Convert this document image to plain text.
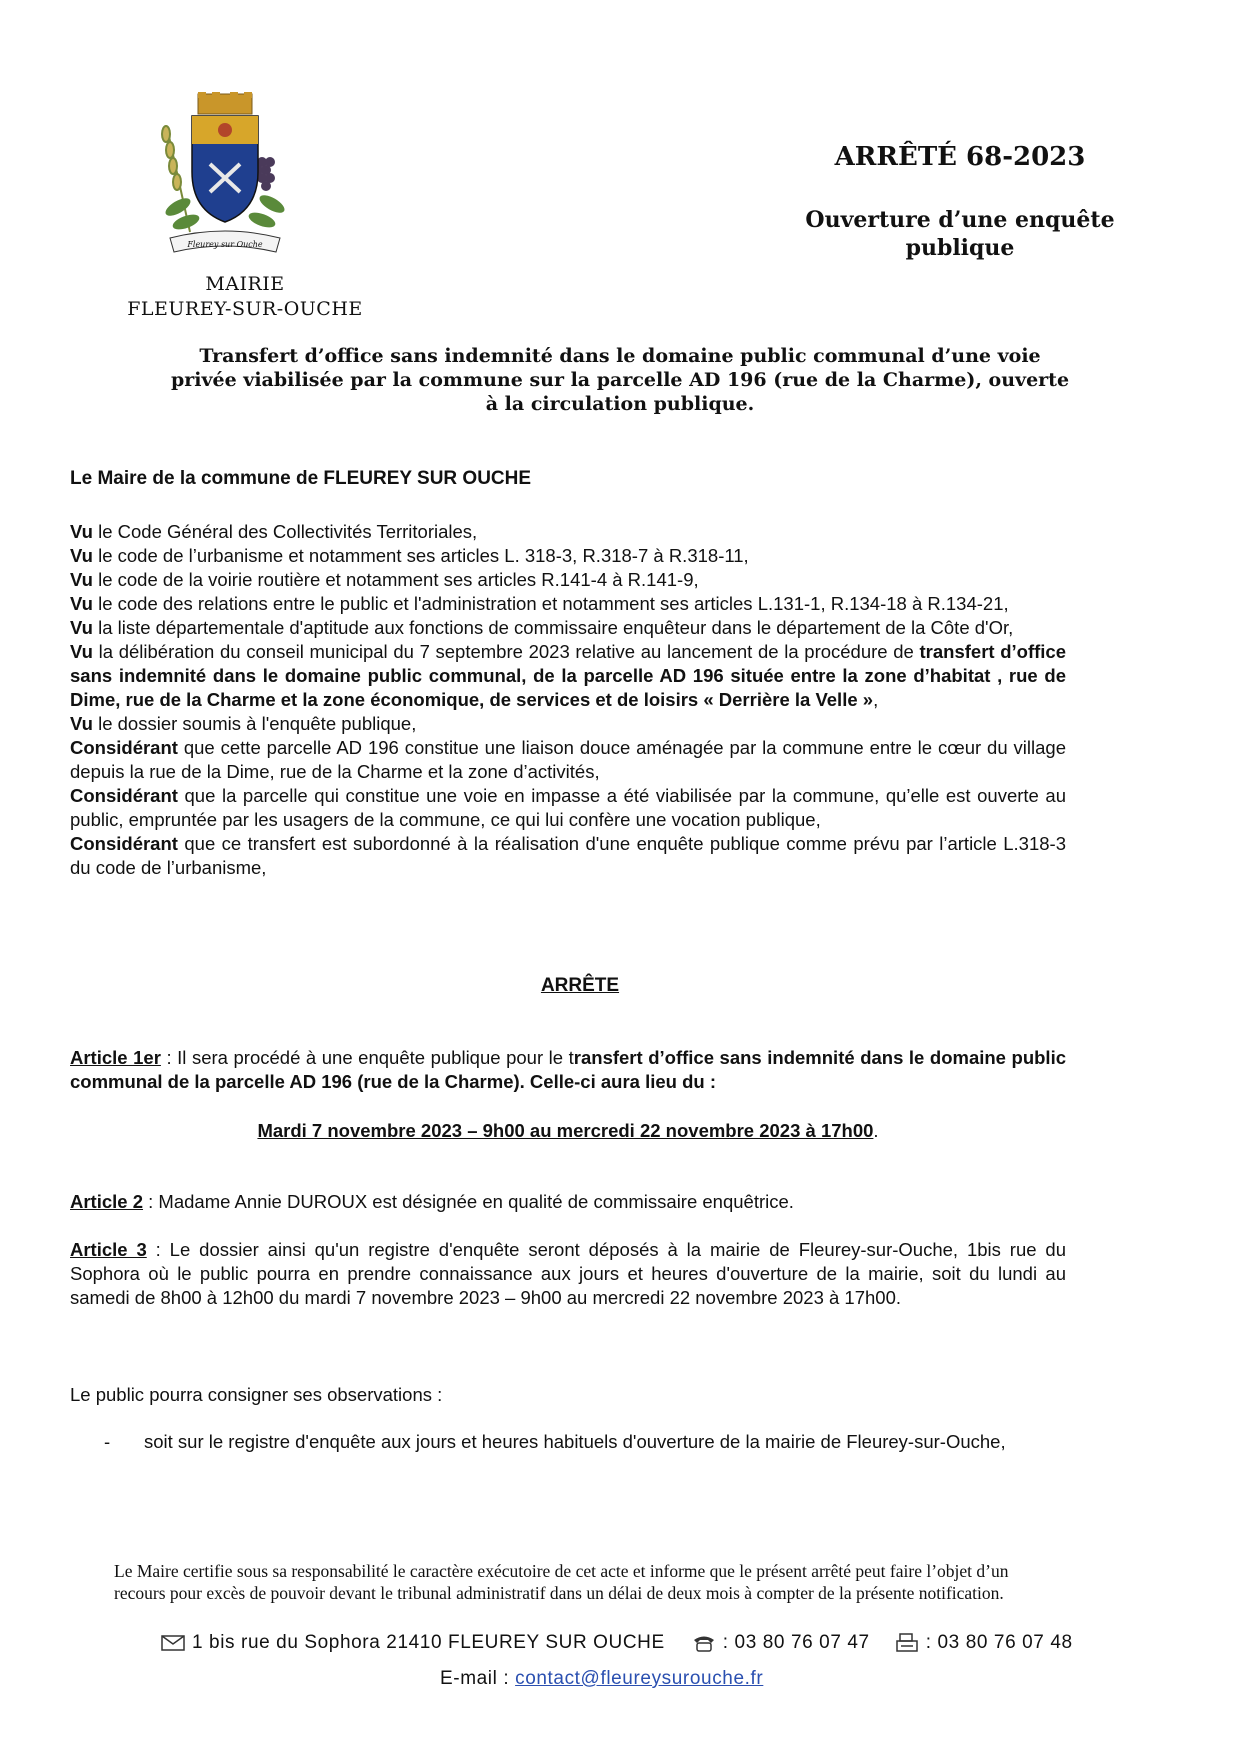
Fleurey sur Ouche
MAIRIE
FLEUREY-SUR-OUCHE
ARRÊTÉ 68-2023
Ouverture d’une enquête
publique
Transfert d’office sans indemnité dans le domaine public communal d’une voie
privée viabilisée par la commune sur la parcelle AD 196 (rue de la Charme), ouverte
à la circulation publique.
Le Maire de la commune de FLEUREY SUR OUCHE

Vu le Code Général des Collectivités Territoriales,

Vu le code de l’urbanisme et notamment ses articles L. 318-3, R.318-7 à R.318-11,

Vu le code de la voirie routière et notamment ses articles R.141-4 à R.141-9,

Vu le code des relations entre le public et l'administration et notamment ses articles L.131-1, R.134-18 à R.134-21,

Vu la liste départementale d'aptitude aux fonctions de commissaire enquêteur dans le département de la Côte d'Or,

Vu la délibération du conseil municipal du 7 septembre 2023 relative au lancement de la procédure de transfert d’office sans indemnité dans le domaine public communal, de la parcelle AD 196 située entre la zone d’habitat , rue de Dime, rue de la Charme et la zone économique, de services et de loisirs « Derrière la Velle »,

Vu le dossier soumis à l'enquête publique,

Considérant que cette parcelle AD 196 constitue une liaison douce aménagée par la commune entre le cœur du village depuis la rue de la Dime, rue de la Charme et la zone d’activités,

Considérant que la parcelle qui constitue une voie en impasse a été viabilisée par la commune, qu’elle est ouverte au public, empruntée par les usagers de la commune, ce qui lui confère une vocation publique,

Considérant que ce transfert est subordonné à la réalisation d'une enquête publique comme prévu par l’article L.318-3 du code de l’urbanisme,

ARRÊTE
Article 1er : Il sera procédé à une enquête publique pour le transfert d’office sans indemnité dans le domaine public communal de la parcelle AD 196 (rue de la Charme). Celle-ci aura lieu du :
Mardi 7 novembre 2023 – 9h00 au mercredi 22 novembre 2023 à 17h00.
Article 2 : Madame Annie DUROUX est désignée en qualité de commissaire enquêtrice.
Article 3 : Le dossier ainsi qu'un registre d'enquête seront déposés à la mairie de Fleurey-sur-Ouche, 1bis rue du Sophora où le public pourra en prendre connaissance aux jours et heures d'ouverture de la mairie, soit du lundi au samedi de 8h00 à 12h00 du mardi 7 novembre 2023 – 9h00 au mercredi 22 novembre 2023 à 17h00.
Le public pourra consigner ses observations :
-	soit sur le registre d'enquête aux jours et heures habituels d'ouverture de la mairie de Fleurey-sur-Ouche,
Le Maire certifie sous sa responsabilité le caractère exécutoire de cet acte et informe que le présent arrêté peut faire l’objet d’un recours pour excès de pouvoir devant le tribunal administratif dans un délai de deux mois à compter de la présente notification.
1 bis rue du Sophora 21410 FLEUREY SUR OUCHE	: 03 80 76 07 47	: 03 80 76 07 48
E-mail : contact@fleureysurouche.fr
